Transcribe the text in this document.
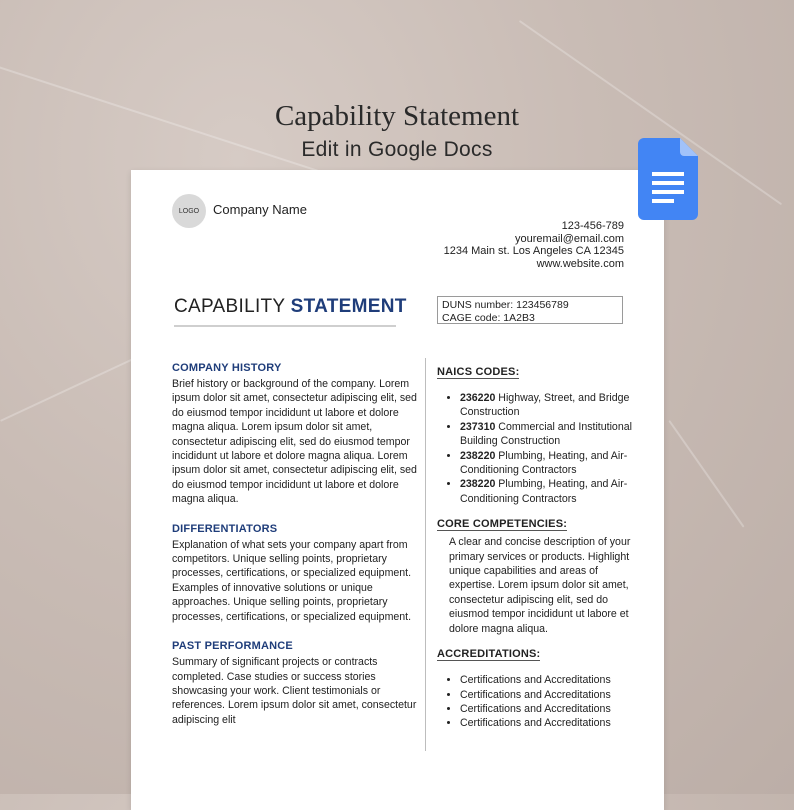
Capability Statement
Edit in Google Docs
LOGO	Company Name
123-456-789
youremail@email.com
1234 Main st. Los Angeles CA 12345
www.website.com
CAPABILITY STATEMENT	DUNS number: 123456789
CAGE code: 1A2B3
COMPANY HISTORY
Brief history or background of the company. Lorem ipsum dolor sit amet, consectetur adipiscing elit, sed do eiusmod tempor incididunt ut labore et dolore magna aliqua. Lorem ipsum dolor sit amet, consectetur adipiscing elit, sed do eiusmod tempor incididunt ut labore et dolore magna aliqua. Lorem ipsum dolor sit amet, consectetur adipiscing elit, sed do eiusmod tempor incididunt ut labore et dolore magna aliqua.
DIFFERENTIATORS
Explanation of what sets your company apart from competitors. Unique selling points, proprietary processes, certifications, or specialized equipment. Examples of innovative solutions or unique approaches. Unique selling points, proprietary processes, certifications, or specialized equipment.
PAST PERFORMANCE
Summary of significant projects or contracts completed. Case studies or success stories showcasing your work. Client testimonials or references. Lorem ipsum dolor sit amet, consectetur adipiscing elit
NAICS CODES:
• 236220 Highway, Street, and Bridge Construction
• 237310 Commercial and Institutional Building Construction
• 238220 Plumbing, Heating, and Air-Conditioning Contractors
• 238220 Plumbing, Heating, and Air-Conditioning Contractors
CORE COMPETENCIES:
A clear and concise description of your primary services or products. Highlight unique capabilities and areas of expertise. Lorem ipsum dolor sit amet, consectetur adipiscing elit, sed do eiusmod tempor incididunt ut labore et dolore magna aliqua.
ACCREDITATIONS:
• Certifications and Accreditations
• Certifications and Accreditations
• Certifications and Accreditations
• Certifications and Accreditations
